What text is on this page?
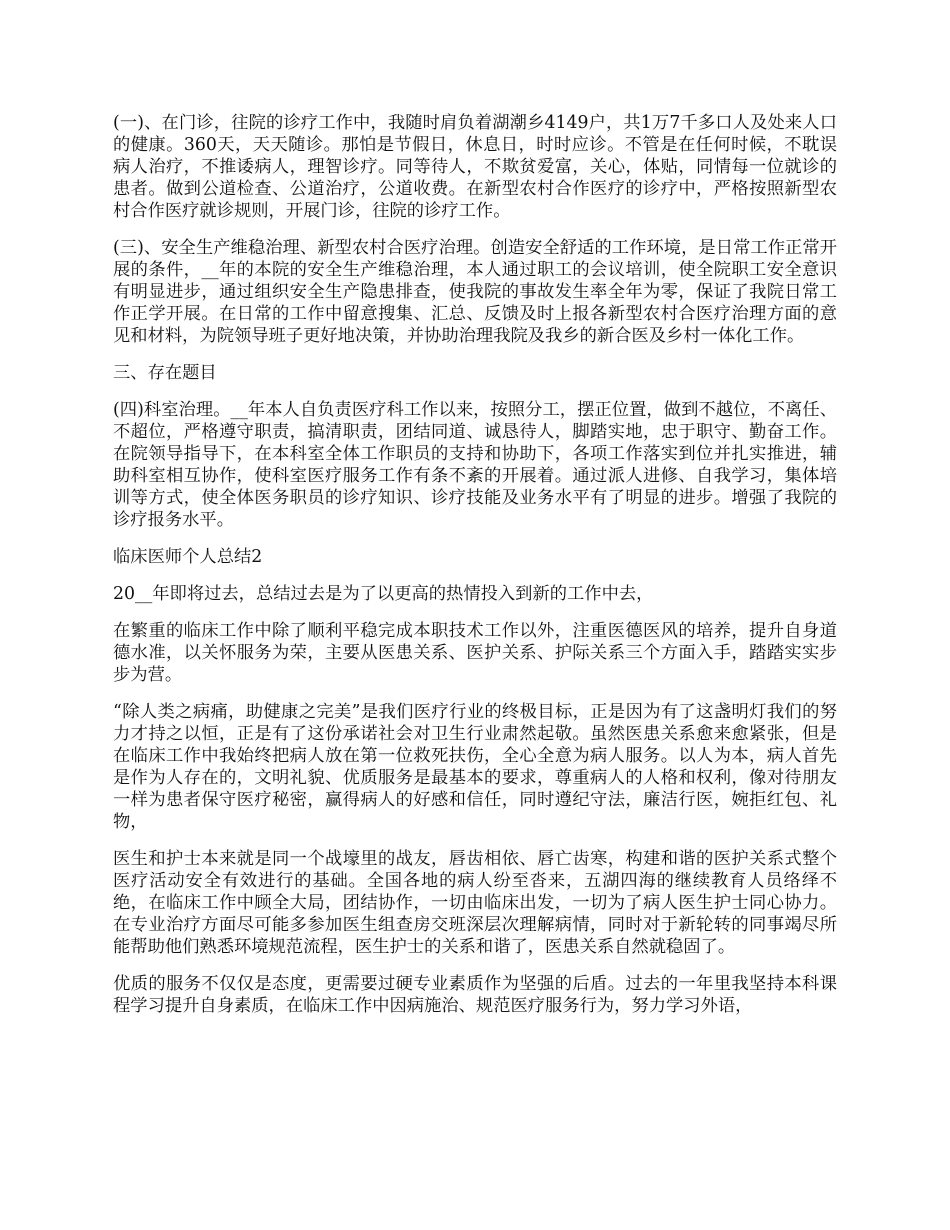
(一)、在门诊，往院的诊疗工作中，我随时肩负着湖潮乡4149户，共1万7千多口人及处来人口的健康。360天，天天随诊。那怕是节假日，休息日，时时应诊。不管是在任何时候，不耽误病人治疗，不推诿病人，理智诊疗。同等待人，不欺贫爱富，关心，体贴，同情每一位就诊的患者。做到公道检查、公道治疗，公道收费。在新型农村合作医疗的诊疗中，严格按照新型农村合作医疗就诊规则，开展门诊，往院的诊疗工作。

(三)、安全生产维稳治理、新型农村合医疗治理。创造安全舒适的工作环境，是日常工作正常开展的条件，__年的本院的安全生产维稳治理，本人通过职工的会议培训，使全院职工安全意识有明显进步，通过组织安全生产隐患排查，使我院的事故发生率全年为零，保证了我院日常工作正学开展。在日常的工作中留意搜集、汇总、反馈及时上报各新型农村合医疗治理方面的意见和材料，为院领导班子更好地决策，并协助治理我院及我乡的新合医及乡村一体化工作。

三、存在题目

(四)科室治理。__年本人自负责医疗科工作以来，按照分工，摆正位置，做到不越位，不离任、不超位，严格遵守职责，搞清职责，团结同道、诚恳待人，脚踏实地，忠于职守、勤奋工作。在院领导指导下，在本科室全体工作职员的支持和协助下，各项工作落实到位并扎实推进，辅助科室相互协作，使科室医疗服务工作有条不紊的开展着。通过派人进修、自我学习，集体培训等方式，使全体医务职员的诊疗知识、诊疗技能及业务水平有了明显的进步。增强了我院的诊疗报务水平。

临床医师个人总结2

20__年即将过去，总结过去是为了以更高的热情投入到新的工作中去，

在繁重的临床工作中除了顺利平稳完成本职技术工作以外，注重医德医风的培养，提升自身道德水准，以关怀服务为荣，主要从医患关系、医护关系、护际关系三个方面入手，踏踏实实步步为营。

“除人类之病痛，助健康之完美”是我们医疗行业的终极目标，正是因为有了这盏明灯我们的努力才持之以恒，正是有了这份承诺社会对卫生行业肃然起敬。虽然医患关系愈来愈紧张，但是在临床工作中我始终把病人放在第一位救死扶伤，全心全意为病人服务。以人为本，病人首先是作为人存在的，文明礼貌、优质服务是最基本的要求，尊重病人的人格和权利，像对待朋友一样为患者保守医疗秘密，赢得病人的好感和信任，同时遵纪守法，廉洁行医，婉拒红包、礼物，

医生和护士本来就是同一个战壕里的战友，唇齿相依、唇亡齿寒，构建和谐的医护关系式整个医疗活动安全有效进行的基础。全国各地的病人纷至沓来，五湖四海的继续教育人员络绎不绝，在临床工作中顾全大局，团结协作，一切由临床出发，一切为了病人医生护士同心协力。在专业治疗方面尽可能多参加医生组查房交班深层次理解病情，同时对于新轮转的同事竭尽所能帮助他们熟悉环境规范流程，医生护士的关系和谐了，医患关系自然就稳固了。

优质的服务不仅仅是态度，更需要过硬专业素质作为坚强的后盾。过去的一年里我坚持本科课程学习提升自身素质，在临床工作中因病施治、规范医疗服务行为，努力学习外语，
